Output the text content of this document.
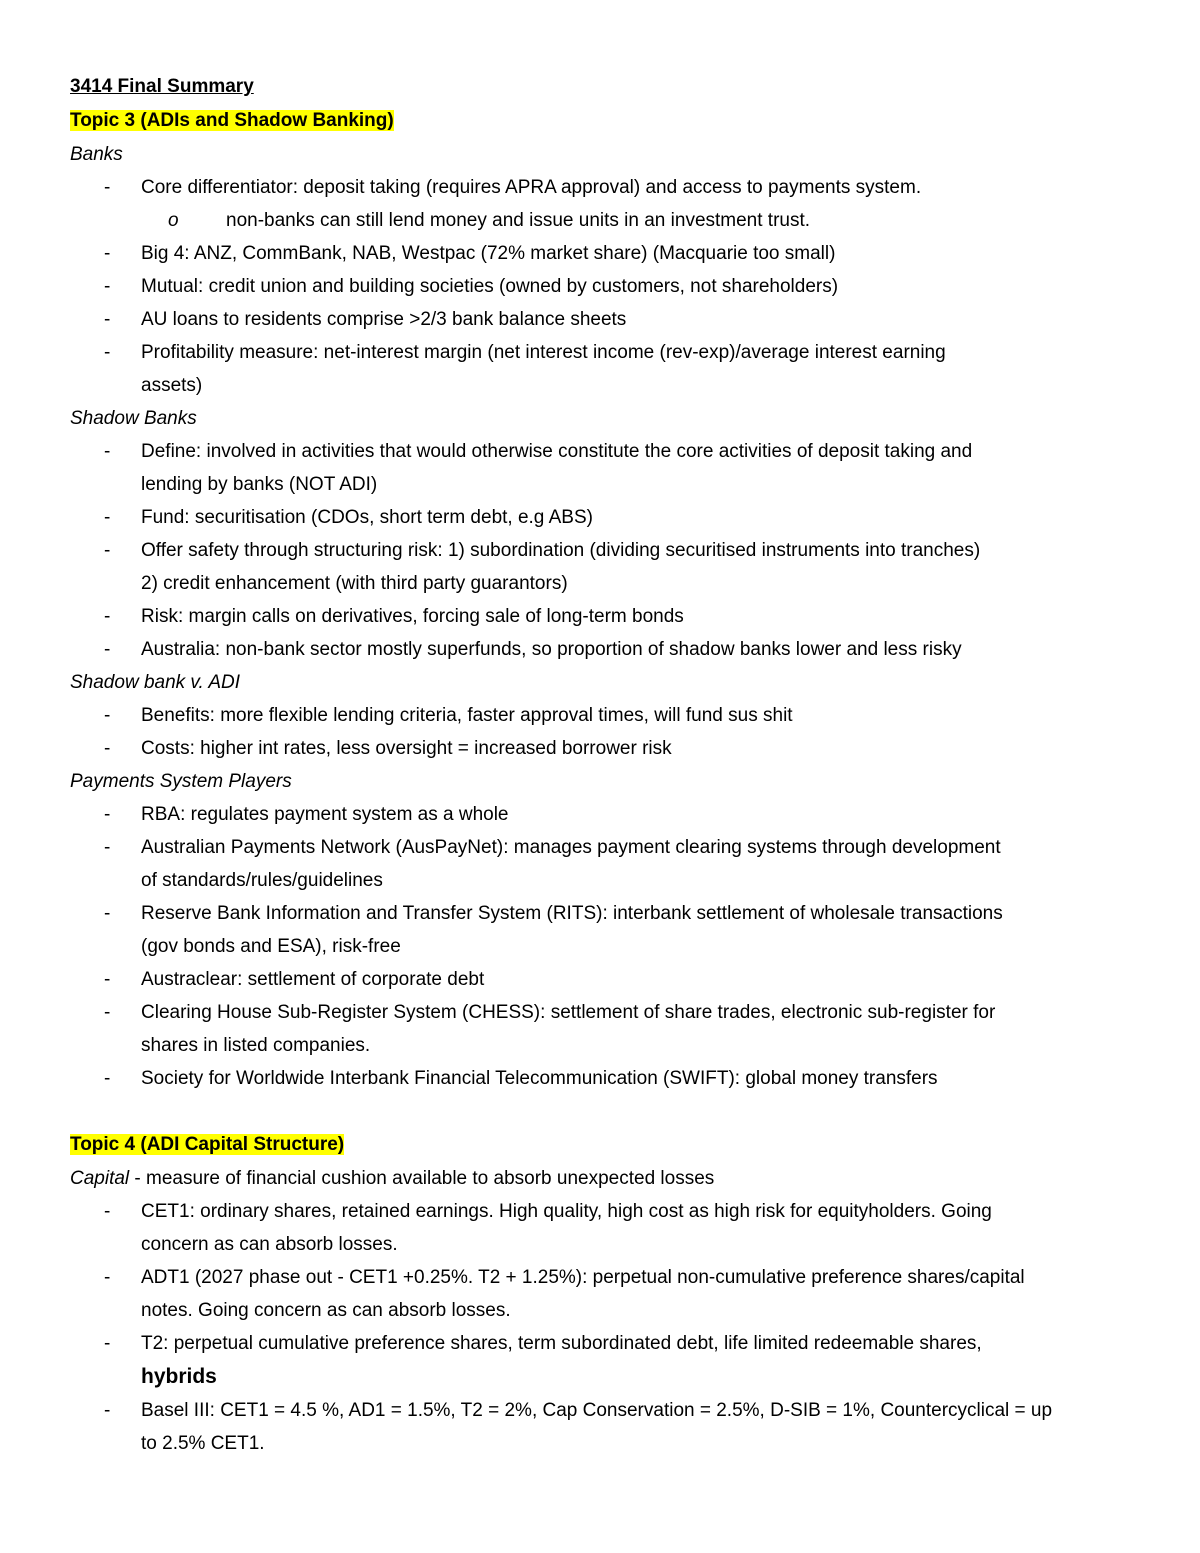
3414 Final Summary
Topic 3 (ADIs and Shadow Banking)
Banks
- Core differentiator: deposit taking (requires APRA approval) and access to payments system.
o non-banks can still lend money and issue units in an investment trust.
- Big 4: ANZ, CommBank, NAB, Westpac (72% market share) (Macquarie too small)
- Mutual: credit union and building societies (owned by customers, not shareholders)
- AU loans to residents comprise >2/3 bank balance sheets
- Profitability measure: net-interest margin (net interest income (rev-exp)/average interest earning
assets)
Shadow Banks
- Define: involved in activities that would otherwise constitute the core activities of deposit taking and
lending by banks (NOT ADI)
- Fund: securitisation (CDOs, short term debt, e.g ABS)
- Offer safety through structuring risk: 1) subordination (dividing securitised instruments into tranches)
2) credit enhancement (with third party guarantors)
- Risk: margin calls on derivatives, forcing sale of long-term bonds
- Australia: non-bank sector mostly superfunds, so proportion of shadow banks lower and less risky
Shadow bank v. ADI
- Benefits: more flexible lending criteria, faster approval times, will fund sus shit
- Costs: higher int rates, less oversight = increased borrower risk
Payments System Players
- RBA: regulates payment system as a whole
- Australian Payments Network (AusPayNet): manages payment clearing systems through development
of standards/rules/guidelines
- Reserve Bank Information and Transfer System (RITS): interbank settlement of wholesale transactions
(gov bonds and ESA), risk-free
- Austraclear: settlement of corporate debt
- Clearing House Sub-Register System (CHESS): settlement of share trades, electronic sub-register for
shares in listed companies.
- Society for Worldwide Interbank Financial Telecommunication (SWIFT): global money transfers
Topic 4 (ADI Capital Structure)
Capital - measure of financial cushion available to absorb unexpected losses
- CET1: ordinary shares, retained earnings. High quality, high cost as high risk for equityholders. Going
concern as can absorb losses.
- ADT1 (2027 phase out - CET1 +0.25%. T2 + 1.25%): perpetual non-cumulative preference shares/capital
notes. Going concern as can absorb losses.
- T2: perpetual cumulative preference shares, term subordinated debt, life limited redeemable shares,
hybrids
- Basel III: CET1 = 4.5 %, AD1 = 1.5%, T2 = 2%, Cap Conservation = 2.5%, D-SIB = 1%, Countercyclical = up
to 2.5% CET1.
